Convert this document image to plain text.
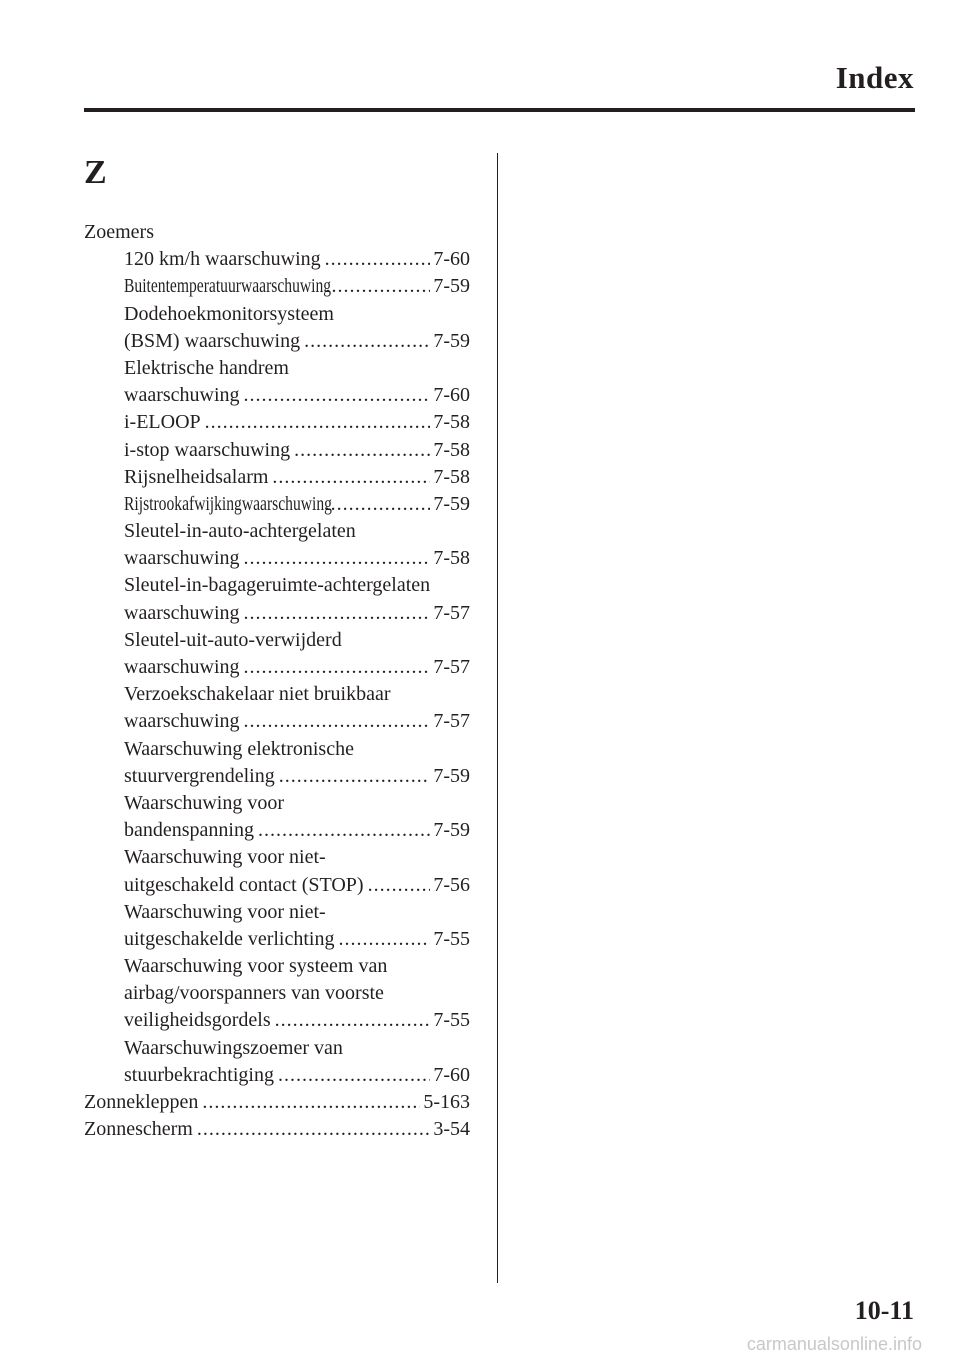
Index
Z
Zoemers
120 km/h waarschuwing .....	7-60
Buitentemperatuurwaarschuwing .....	7-59
Dodehoekmonitorsysteem
(BSM) waarschuwing .....	7-59
Elektrische handrem
waarschuwing .....	7-60
i-ELOOP .....	7-58
i-stop waarschuwing .....	7-58
Rijsnelheidsalarm .....	7-58
Rijstrookafwijkingwaarschuwing .....	7-59
Sleutel-in-auto-achtergelaten
waarschuwing .....	7-58
Sleutel-in-bagageruimte-achtergelaten
waarschuwing .....	7-57
Sleutel-uit-auto-verwijderd
waarschuwing .....	7-57
Verzoekschakelaar niet bruikbaar
waarschuwing .....	7-57
Waarschuwing elektronische
stuurvergrendeling .....	7-59
Waarschuwing voor
bandenspanning .....	7-59
Waarschuwing voor niet-
uitgeschakeld contact (STOP) .....	7-56
Waarschuwing voor niet-
uitgeschakelde verlichting .....	7-55
Waarschuwing voor systeem van
airbag/voorspanners van voorste
veiligheidsgordels .....	7-55
Waarschuwingszoemer van
stuurbekrachtiging .....	7-60
Zonnekleppen .....	5-163
Zonnescherm .....	3-54
10-11
carmanualsonline.info
